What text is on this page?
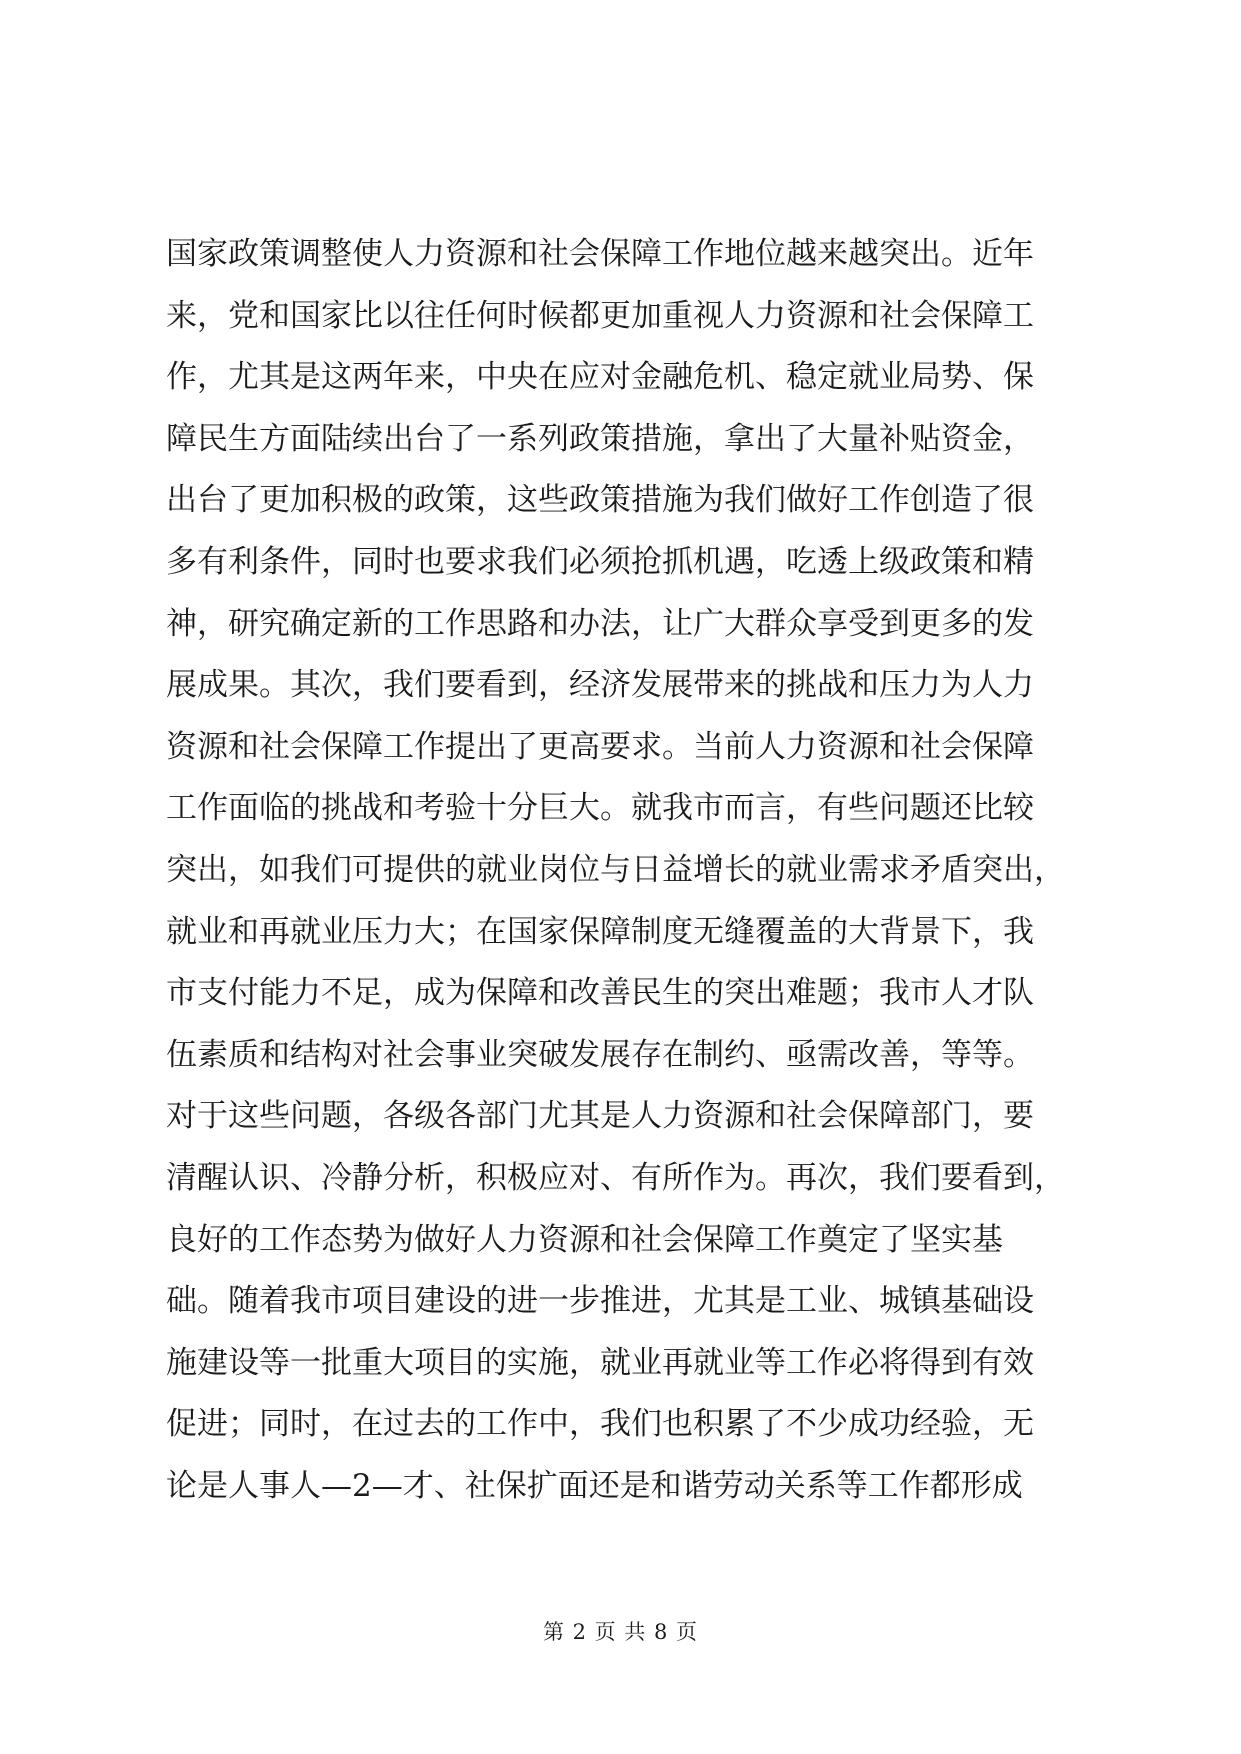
国家政策调整使人力资源和社会保障工作地位越来越突出。近年
来，党和国家比以往任何时候都更加重视人力资源和社会保障工
作，尤其是这两年来，中央在应对金融危机、稳定就业局势、保
障民生方面陆续出台了一系列政策措施，拿出了大量补贴资金，
出台了更加积极的政策，这些政策措施为我们做好工作创造了很
多有利条件，同时也要求我们必须抢抓机遇，吃透上级政策和精
神，研究确定新的工作思路和办法，让广大群众享受到更多的发
展成果。其次，我们要看到，经济发展带来的挑战和压力为人力
资源和社会保障工作提出了更高要求。当前人力资源和社会保障
工作面临的挑战和考验十分巨大。就我市而言，有些问题还比较
突出，如我们可提供的就业岗位与日益增长的就业需求矛盾突出，
就业和再就业压力大；在国家保障制度无缝覆盖的大背景下，我
市支付能力不足，成为保障和改善民生的突出难题；我市人才队
伍素质和结构对社会事业突破发展存在制约、亟需改善，等等。
对于这些问题，各级各部门尤其是人力资源和社会保障部门，要
清醒认识、冷静分析，积极应对、有所作为。再次，我们要看到，
良好的工作态势为做好人力资源和社会保障工作奠定了坚实基
础。随着我市项目建设的进一步推进，尤其是工业、城镇基础设
施建设等一批重大项目的实施，就业再就业等工作必将得到有效
促进；同时，在过去的工作中，我们也积累了不少成功经验，无
论是人事人—2—才、社保扩面还是和谐劳动关系等工作都形成
第 2 页 共 8 页
